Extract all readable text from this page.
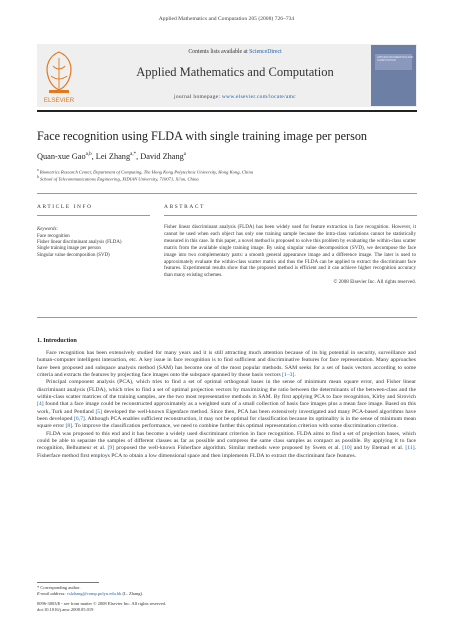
Applied Mathematics and Computation 205 (2008) 726–734
ELSEVIER
Contents lists available at ScienceDirect
Applied Mathematics and Computation
journal homepage: www.elsevier.com/locate/amc
APPLIED MATHEMATICS AND COMPUTATION
Face recognition using FLDA with single training image per person
Quan-xue Gao$^{a,b}$, Lei Zhang$^{a,*}$, David Zhang$^a$
$^a$ Biometrics Research Center, Department of Computing, The Hong Kong Polytechnic University, Hong Kong, China
$^b$ School of Telecommunications Engineering, XIDIAN University, 710071, Xi'an, China
ARTICLE INFO	ABSTRACT
Keywords:
Face recognition
Fisher linear discriminant analysis (FLDA)
Single training image per person
Singular value decomposition (SVD)
Fisher linear discriminant analysis (FLDA) has been widely used for feature extraction in face recognition. However, it cannot be used when each object has only one training sample because the intra-class variations cannot be statistically measured in this case. In this paper, a novel method is proposed to solve this problem by evaluating the within-class scatter matrix from the available single training image. By using singular value decomposition (SVD), we decompose the face image into two complementary parts: a smooth general appearance image and a difference image. The later is used to approximately evaluate the within-class scatter matrix and thus the FLDA can be applied to extract the discriminant face features. Experimental results show that the proposed method is efficient and it can achieve higher recognition accuracy than many existing schemes.
© 2008 Elsevier Inc. All rights reserved.
1. Introduction

Face recognition has been extensively studied for many years and it is still attracting much attention because of its big potential in security, surveillance and human-computer intelligent interaction, etc. A key issue in face recognition is to find sufficient and discriminative features for face representation. Many approaches have been proposed and subspace analysis method (SAM) has become one of the most popular methods. SAM seeks for a set of basis vectors according to some criteria and extracts the features by projecting face images onto the subspace spanned by those basis vectors [1–3].

Principal component analysis (PCA), which tries to find a set of optimal orthogonal bases in the sense of minimum mean square error, and Fisher linear discriminant analysis (FLDA), which tries to find a set of optimal projection vectors by maximizing the ratio between the determinants of the between-class and the within-class scatter matrices of the training samples, are the two most representative methods in SAM. By first applying PCA to face recognition, Kirby and Sirovich [4] found that a face image could be reconstructed approximately as a weighted sum of a small collection of basis face images plus a mean face image. Based on this work, Turk and Pentland [5] developed the well-known Eigenface method. Since then, PCA has been extensively investigated and many PCA-based algorithms have been developed [6,7]. Although PCA enables sufficient reconstruction, it may not be optimal for classification because its optimality is in the sense of minimum mean square error [8]. To improve the classification performance, we need to combine further this optimal representation criterion with some discrimination criterion.

FLDA was proposed to this end and it has become a widely used discriminant criterion in face recognition. FLDA aims to find a set of projection bases, which could be able to separate the samples of different classes as far as possible and compress the same class samples as compact as possible. By applying it to face recognition, Belhumeur et al. [9] proposed the well-known Fisherface algorithm. Similar methods were proposed by Swets et al. [10] and by Etemad et al. [11]. Fisherface method first employs PCA to obtain a low dimensional space and then implements FLDA to extract the discriminant face features.

* Corresponding author.
E-mail address: cslzhang@comp.polyu.edu.hk (L. Zhang).
0096-3003/$ - see front matter © 2008 Elsevier Inc. All rights reserved.
doi:10.1016/j.amc.2008.05.019
